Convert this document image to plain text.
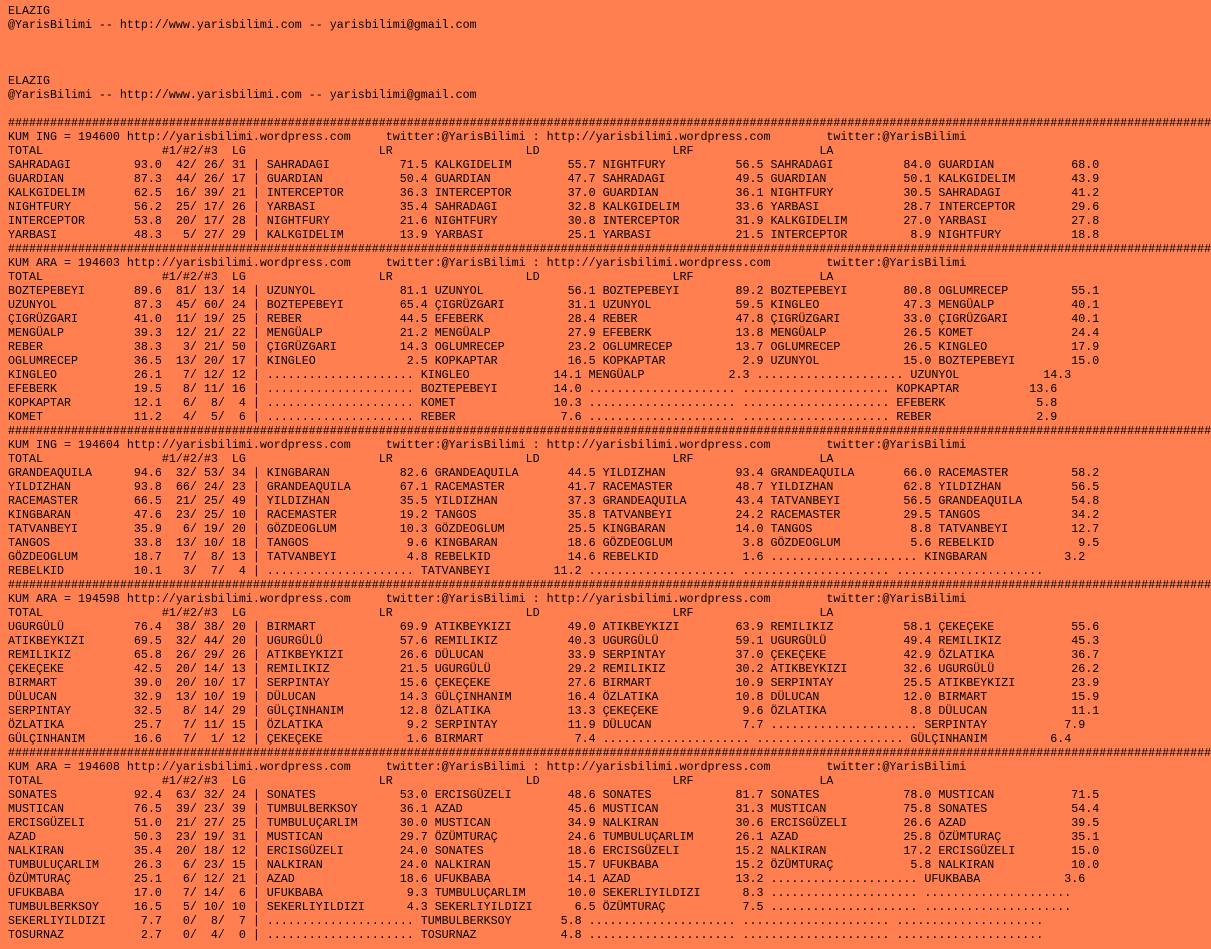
ELAZIG
@YarisBilimi -- http://www.yarisbilimi.com -- yarisbilimi@gmail.com

ELAZIG
@YarisBilimi -- http://www.yarisbilimi.com -- yarisbilimi@gmail.com

############################################################################################################################################################################
KUM ING = 194600 http://yarisbilimi.wordpress.com     twitter:@YarisBilimi : http://yarisbilimi.wordpress.com        twitter:@YarisBilimi
TOTAL                 #1/#2/#3  LG                   LR                   LD                   LRF                  LA
SAHRADAGI         93.0  42/ 26/ 31 | SAHRADAGI          71.5 KALKGIDELIM        55.7 NIGHTFURY          56.5 SAHRADAGI          84.0 GUARDIAN           68.0
GUARDIAN          87.3  44/ 26/ 17 | GUARDIAN           50.4 GUARDIAN           47.7 SAHRADAGI          49.5 GUARDIAN           50.1 KALKGIDELIM        43.9
KALKGIDELIM       62.5  16/ 39/ 21 | INTERCEPTOR        36.3 INTERCEPTOR        37.0 GUARDIAN           36.1 NIGHTFURY          30.5 SAHRADAGI          41.2
NIGHTFURY         56.2  25/ 17/ 26 | YARBASI            35.4 SAHRADAGI          32.8 KALKGIDELIM        33.6 YARBASI            28.7 INTERCEPTOR        29.6
INTERCEPTOR       53.8  20/ 17/ 28 | NIGHTFURY          21.6 NIGHTFURY          30.8 INTERCEPTOR        31.9 KALKGIDELIM        27.0 YARBASI            27.8
YARBASI           48.3   5/ 27/ 29 | KALKGIDELIM        13.9 YARBASI            25.1 YARBASI            21.5 INTERCEPTOR         8.9 NIGHTFURY          18.8
############################################################################################################################################################################
KUM ARA = 194603 http://yarisbilimi.wordpress.com     twitter:@YarisBilimi : http://yarisbilimi.wordpress.com        twitter:@YarisBilimi
TOTAL                 #1/#2/#3  LG                   LR                   LD                   LRF                  LA
BOZTEPEBEYI       89.6  81/ 13/ 14 | UZUNYOL            81.1 UZUNYOL            56.1 BOZTEPEBEYI        89.2 BOZTEPEBEYI        80.8 OGLUMRECEP         55.1
UZUNYOL           87.3  45/ 60/ 24 | BOZTEPEBEYI        65.4 ÇIGRÜZGARI         31.1 UZUNYOL            59.5 KINGLEO            47.3 MENGÜALP           40.1
ÇIGRÜZGARI        41.0  11/ 19/ 25 | REBER              44.5 EFEBERK            28.4 REBER              47.8 ÇIGRÜZGARI         33.0 ÇIGRÜZGARI         40.1
MENGÜALP          39.3  12/ 21/ 22 | MENGÜALP           21.2 MENGÜALP           27.9 EFEBERK            13.8 MENGÜALP           26.5 KOMET              24.4
REBER             38.3   3/ 21/ 50 | ÇIGRÜZGARI         14.3 OGLUMRECEP         23.2 OGLUMRECEP         13.7 OGLUMRECEP         26.5 KINGLEO            17.9
OGLUMRECEP        36.5  13/ 20/ 17 | KINGLEO             2.5 KOPKAPTAR          16.5 KOPKAPTAR           2.9 UZUNYOL            15.0 BOZTEPEBEYI        15.0
KINGLEO           26.1   7/ 12/ 12 | ..................... KINGLEO            14.1 MENGÜALP            2.3 ..................... UZUNYOL            14.3
EFEBERK           19.5   8/ 11/ 16 | ..................... BOZTEPEBEYI        14.0 ..................... ..................... KOPKAPTAR          13.6
KOPKAPTAR         12.1   6/  8/  4 | ..................... KOMET              10.3 ..................... ..................... EFEBERK             5.8
KOMET             11.2   4/  5/  6 | ..................... REBER               7.6 ..................... ..................... REBER               2.9
############################################################################################################################################################################
KUM ING = 194604 http://yarisbilimi.wordpress.com     twitter:@YarisBilimi : http://yarisbilimi.wordpress.com        twitter:@YarisBilimi
TOTAL                 #1/#2/#3  LG                   LR                   LD                   LRF                  LA
GRANDEAQUILA      94.6  32/ 53/ 34 | KINGBARAN          82.6 GRANDEAQUILA       44.5 YILDIZHAN          93.4 GRANDEAQUILA       66.0 RACEMASTER         58.2
YILDIZHAN         93.8  66/ 24/ 23 | GRANDEAQUILA       67.1 RACEMASTER         41.7 RACEMASTER         48.7 YILDIZHAN          62.8 YILDIZHAN          56.5
RACEMASTER        66.5  21/ 25/ 49 | YILDIZHAN          35.5 YILDIZHAN          37.3 GRANDEAQUILA       43.4 TATVANBEYI         56.5 GRANDEAQUILA       54.8
KINGBARAN         47.6  23/ 25/ 10 | RACEMASTER         19.2 TANGOS             35.8 TATVANBEYI         24.2 RACEMASTER         29.5 TANGOS             34.2
TATVANBEYI        35.9   6/ 19/ 20 | GÖZDEOGLUM         10.3 GÖZDEOGLUM         25.5 KINGBARAN          14.0 TANGOS              8.8 TATVANBEYI         12.7
TANGOS            33.8  13/ 10/ 18 | TANGOS              9.6 KINGBARAN          18.6 GÖZDEOGLUM          3.8 GÖZDEOGLUM          5.6 REBELKID            9.5
GÖZDEOGLUM        18.7   7/  8/ 13 | TATVANBEYI          4.8 REBELKID           14.6 REBELKID            1.6 ..................... KINGBARAN           3.2
REBELKID          10.1   3/  7/  4 | ..................... TATVANBEYI         11.2 ..................... ..................... .....................
############################################################################################################################################################################
KUM ARA = 194598 http://yarisbilimi.wordpress.com     twitter:@YarisBilimi : http://yarisbilimi.wordpress.com        twitter:@YarisBilimi
TOTAL                 #1/#2/#3  LG                   LR                   LD                   LRF                  LA
UGURGÜLÜ          76.4  38/ 38/ 20 | BIRMART            69.9 ATIKBEYKIZI        49.0 ATIKBEYKIZI        63.9 REMILIKIZ          58.1 ÇEKEÇEKE           55.6
ATIKBEYKIZI       69.5  32/ 44/ 20 | UGURGÜLÜ           57.6 REMILIKIZ          40.3 UGURGÜLÜ           59.1 UGURGÜLÜ           49.4 REMILIKIZ          45.3
REMILIKIZ         65.8  26/ 29/ 26 | ATIKBEYKIZI        26.6 DÜLUCAN            33.9 SERPINTAY          37.0 ÇEKEÇEKE           42.9 ÖZLATIKA           36.7
ÇEKEÇEKE          42.5  20/ 14/ 13 | REMILIKIZ          21.5 UGURGÜLÜ           29.2 REMILIKIZ          30.2 ATIKBEYKIZI        32.6 UGURGÜLÜ           26.2
BIRMART           39.0  20/ 10/ 17 | SERPINTAY          15.6 ÇEKEÇEKE           27.6 BIRMART            10.9 SERPINTAY          25.5 ATIKBEYKIZI        23.9
DÜLUCAN           32.9  13/ 10/ 19 | DÜLUCAN            14.3 GÜLÇINHANIM        16.4 ÖZLATIKA           10.8 DÜLUCAN            12.0 BIRMART            15.9
SERPINTAY         32.5   8/ 14/ 29 | GÜLÇINHANIM        12.8 ÖZLATIKA           13.3 ÇEKEÇEKE            9.6 ÖZLATIKA            8.8 DÜLUCAN            11.1
ÖZLATIKA          25.7   7/ 11/ 15 | ÖZLATIKA            9.2 SERPINTAY          11.9 DÜLUCAN             7.7 ..................... SERPINTAY           7.9
GÜLÇINHANIM       16.6   7/  1/ 12 | ÇEKEÇEKE            1.6 BIRMART             7.4 ..................... ..................... GÜLÇINHANIM         6.4
############################################################################################################################################################################
KUM ARA = 194608 http://yarisbilimi.wordpress.com     twitter:@YarisBilimi : http://yarisbilimi.wordpress.com        twitter:@YarisBilimi
TOTAL                 #1/#2/#3  LG                   LR                   LD                   LRF                  LA
SONATES           92.4  63/ 32/ 24 | SONATES            53.0 ERCISGÜZELI        48.6 SONATES            81.7 SONATES            78.0 MUSTICAN           71.5
MUSTICAN          76.5  39/ 23/ 39 | TUMBULBERKSOY      36.1 AZAD               45.6 MUSTICAN           31.3 MUSTICAN           75.8 SONATES            54.4
ERCISGÜZELI       51.0  21/ 27/ 25 | TUMBULUÇARLIM      30.0 MUSTICAN           34.9 NALKIRAN           30.6 ERCISGÜZELI        26.6 AZAD               39.5
AZAD              50.3  23/ 19/ 31 | MUSTICAN           29.7 ÖZÜMTURAÇ          24.6 TUMBULUÇARLIM      26.1 AZAD               25.8 ÖZÜMTURAÇ          35.1
NALKIRAN          35.4  20/ 18/ 12 | ERCISGÜZELI        24.0 SONATES            18.6 ERCISGÜZELI        15.2 NALKIRAN           17.2 ERCISGÜZELI        15.0
TUMBULUÇARLIM     26.3   6/ 23/ 15 | NALKIRAN           24.0 NALKIRAN           15.7 UFUKBABA           15.2 ÖZÜMTURAÇ           5.8 NALKIRAN           10.0
ÖZÜMTURAÇ         25.1   6/ 12/ 21 | AZAD               18.6 UFUKBABA           14.1 AZAD               13.2 ..................... UFUKBABA            3.6
UFUKBABA          17.0   7/ 14/  6 | UFUKBABA            9.3 TUMBULUÇARLIM      10.0 SEKERLIYILDIZI      8.3 ..................... .....................
TUMBULBERKSOY     16.5   5/ 10/ 10 | SEKERLIYILDIZI      4.3 SEKERLIYILDIZI      6.5 ÖZÜMTURAÇ           7.5 ..................... .....................
SEKERLIYILDIZI     7.7   0/  8/  7 | ..................... TUMBULBERKSOY       5.8 ..................... ..................... .....................
TOSURNAZ           2.7   0/  4/  0 | ..................... TOSURNAZ            4.8 ..................... ..................... .....................
